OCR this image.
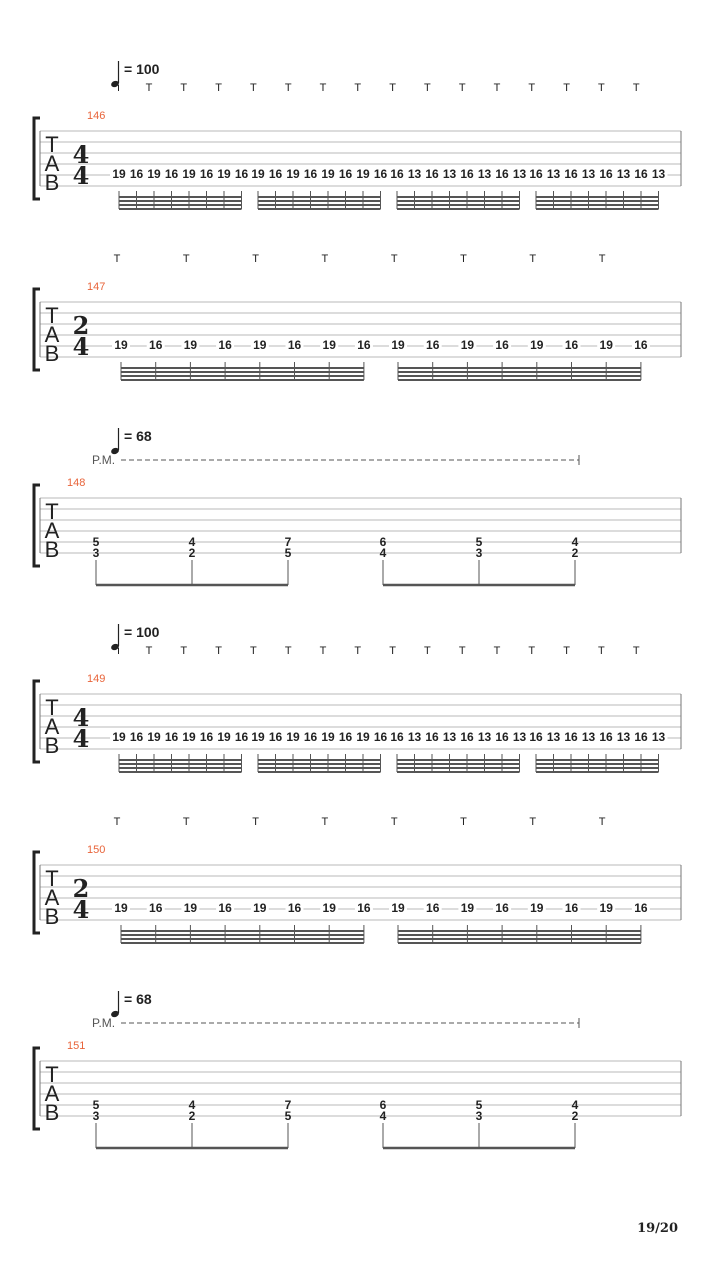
T
A
B
146
4
4
= 100
19 16 19 16 19 16 19 16 19 16 19 16 19 16 19 16 16 13 16 13 16 13 16 13 16 13 16 13 16 13 16 13
T	T	T	T	T	T	T	T	T	T	T	T	T	T	T
T
A
B
147
2
4 19 16 19 16 19 16 19 16 19 16 19 16 19 16 19 16
T	T	T	T	T	T	T	T
T
A
B
148
= 68
P.M.
5
3
4
2
7
5
6
4
5
3
4
2
T
A
B
149
4
4
= 100
19 16 19 16 19 16 19 16 19 16 19 16 19 16 19 16 16 13 16 13 16 13 16 13 16 13 16 13 16 13 16 13
T	T	T	T	T	T	T	T	T	T	T	T	T	T	T
T
A
B
150
2
4 19 16 19 16 19 16 19 16 19 16 19 16 19 16 19 16
T	T	T	T	T	T	T	T
T
A
B
151
= 68
P.M.
5
3
4
2
7
5
6
4
5
3
4
2
19/20
